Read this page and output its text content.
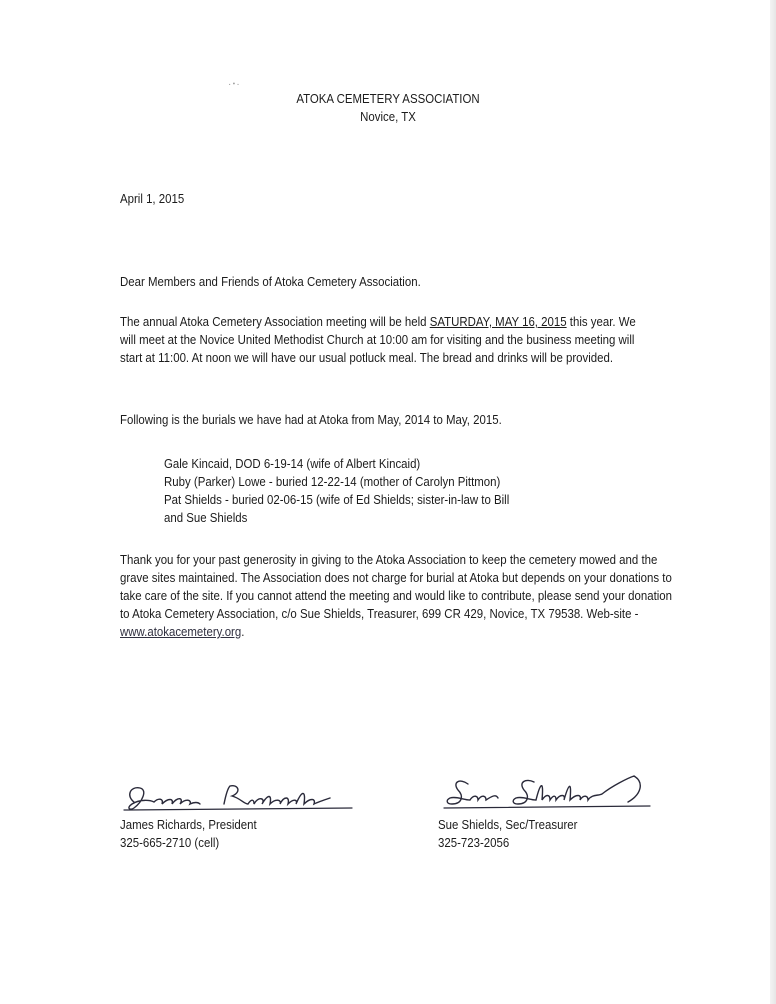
·ꞏ·
ATOKA CEMETERY ASSOCIATION
Novice, TX
April 1, 2015
Dear Members and Friends of Atoka Cemetery Association.
The annual Atoka Cemetery Association meeting will be held SATURDAY, MAY 16, 2015 this year. We will meet at the Novice United Methodist Church at 10:00 am for visiting and the business meeting will start at 11:00. At noon we will have our usual potluck meal. The bread and drinks will be provided.
Following is the burials we have had at Atoka from May, 2014 to May, 2015.
Gale Kincaid, DOD 6-19-14 (wife of Albert Kincaid)
Ruby (Parker) Lowe - buried 12-22-14 (mother of Carolyn Pittmon)
Pat Shields - buried 02-06-15 (wife of Ed Shields; sister-in-law to Bill and Sue Shields
Thank you for your past generosity in giving to the Atoka Association to keep the cemetery mowed and the grave sites maintained. The Association does not charge for burial at Atoka but depends on your donations to take care of the site. If you cannot attend the meeting and would like to contribute, please send your donation to Atoka Cemetery Association, c/o Sue Shields, Treasurer, 699 CR 429, Novice, TX 79538. Web-site - www.atokacemetery.org.
James Richards, President
325-665-2710 (cell)
Sue Shields, Sec/Treasurer
325-723-2056
